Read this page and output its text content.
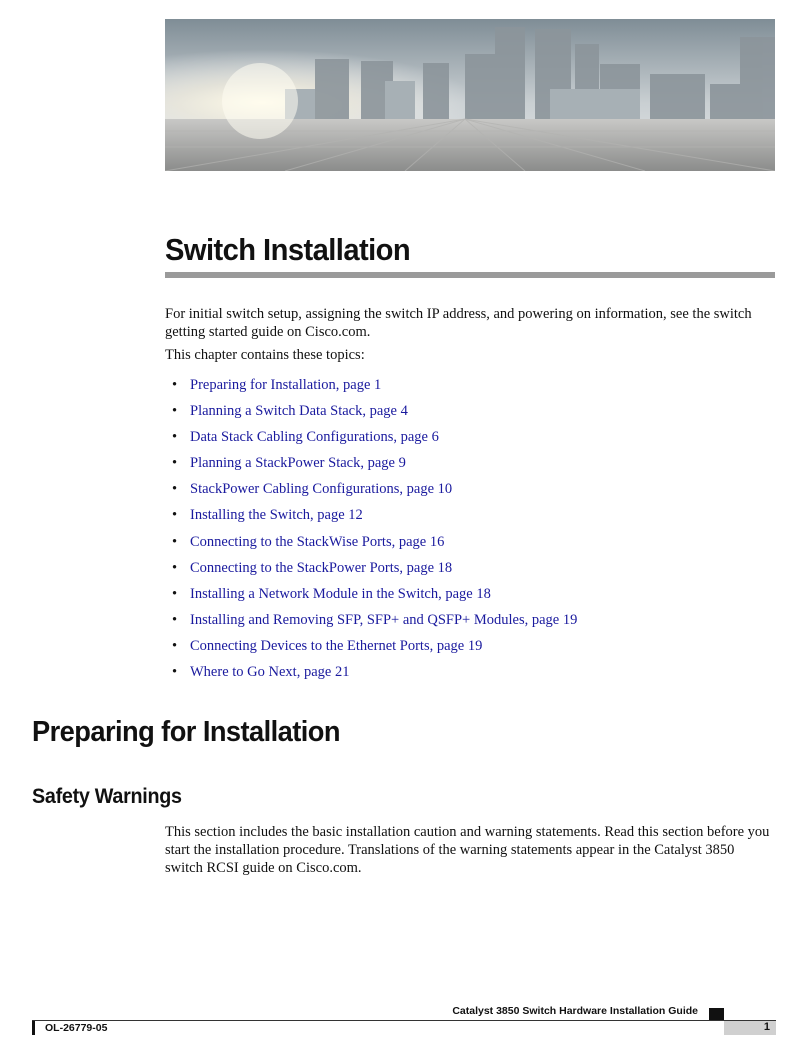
Switch Installation

For initial switch setup, assigning the switch IP address, and powering on information, see the switch getting started guide on Cisco.com.

This chapter contains these topics:

• Preparing for Installation, page 1
• Planning a Switch Data Stack, page 4
• Data Stack Cabling Configurations, page 6
• Planning a StackPower Stack, page 9
• StackPower Cabling Configurations, page 10
• Installing the Switch, page 12
• Connecting to the StackWise Ports, page 16
• Connecting to the StackPower Ports, page 18
• Installing a Network Module in the Switch, page 18
• Installing and Removing SFP, SFP+ and QSFP+ Modules, page 19
• Connecting Devices to the Ethernet Ports, page 19
• Where to Go Next, page 21
Preparing for Installation
Safety Warnings

This section includes the basic installation caution and warning statements. Read this section before you start the installation procedure. Translations of the warning statements appear in the Catalyst 3850 switch RCSI guide on Cisco.com.

Catalyst 3850 Switch Hardware Installation Guide
OL-26779-05	1
